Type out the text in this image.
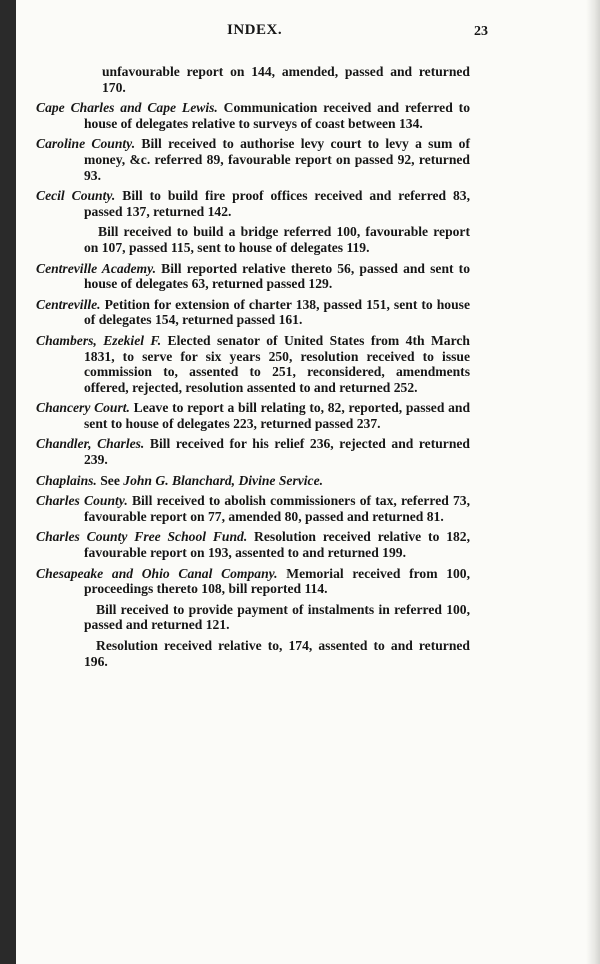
INDEX.	23

unfavourable report on 144, amended, passed and returned 170.

Cape Charles and Cape Lewis. Communication received and referred to house of delegates relative to surveys of coast between 134.

Caroline County. Bill received to authorise levy court to levy a sum of money, &c. referred 89, favourable report on passed 92, returned 93.

Cecil County. Bill to build fire proof offices received and referred 83, passed 137, returned 142.

Bill received to build a bridge referred 100, favourable report on 107, passed 115, sent to house of delegates 119.

Centreville Academy. Bill reported relative thereto 56, passed and sent to house of delegates 63, returned passed 129.

Centreville. Petition for extension of charter 138, passed 151, sent to house of delegates 154, returned passed 161.

Chambers, Ezekiel F. Elected senator of United States from 4th March 1831, to serve for six years 250, resolution received to issue commission to, assented to 251, reconsidered, amendments offered, rejected, resolution assented to and returned 252.

Chancery Court. Leave to report a bill relating to, 82, reported, passed and sent to house of delegates 223, returned passed 237.

Chandler, Charles. Bill received for his relief 236, rejected and returned 239.

Chaplains. See John G. Blanchard, Divine Service.

Charles County. Bill received to abolish commissioners of tax, referred 73, favourable report on 77, amended 80, passed and returned 81.

Charles County Free School Fund. Resolution received relative to 182, favourable report on 193, assented to and returned 199.

Chesapeake and Ohio Canal Company. Memorial received from 100, proceedings thereto 108, bill reported 114.

Bill received to provide payment of instalments in referred 100, passed and returned 121.

Resolution received relative to, 174, assented to and returned 196.
